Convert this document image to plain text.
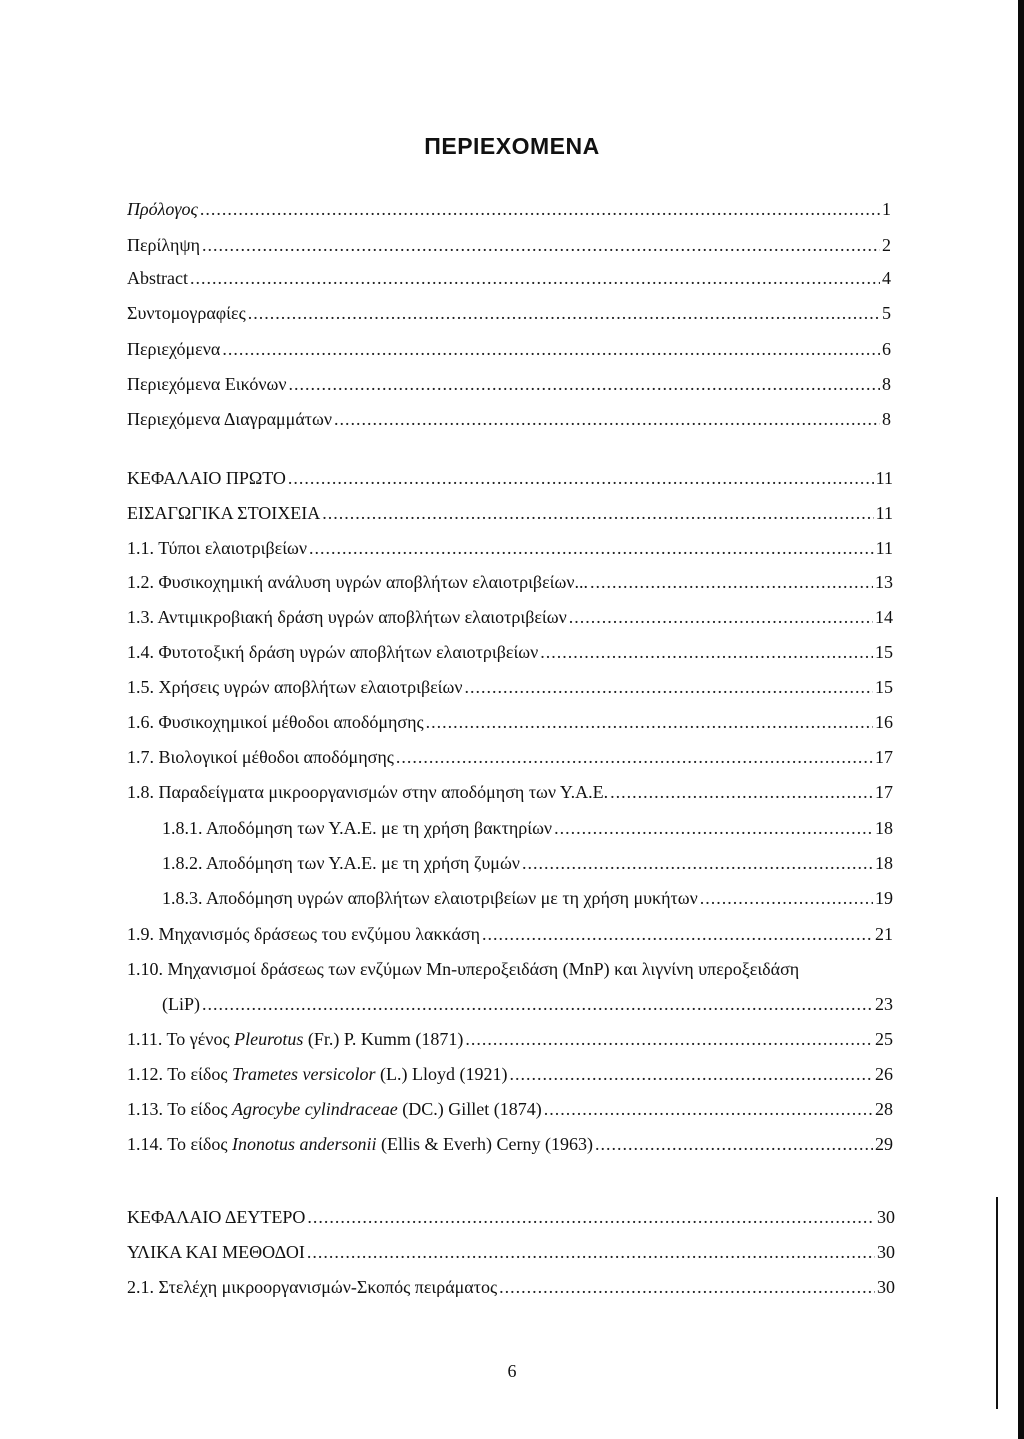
ΠΕΡΙΕΧΟΜΕΝΑ
Πρόλογος .....	1
Περίληψη .....	2
Abstract .....	4
Συντομογραφίες .....	5
Περιεχόμενα .....	6
Περιεχόμενα Εικόνων .....	8
Περιεχόμενα Διαγραμμάτων .....	8
ΚΕΦΑΛΑΙΟ ΠΡΩΤΟ .....	11
ΕΙΣΑΓΩΓΙΚΑ ΣΤΟΙΧΕΙΑ .....	11
1.1. Τύποι ελαιοτριβείων .....	11
1.2. Φυσικοχημική ανάλυση υγρών αποβλήτων ελαιοτριβείων... .....	13
1.3. Αντιμικροβιακή δράση υγρών αποβλήτων ελαιοτριβείων .....	14
1.4. Φυτοτοξική δράση υγρών αποβλήτων ελαιοτριβείων .....	15
1.5. Χρήσεις υγρών αποβλήτων ελαιοτριβείων .....	15
1.6. Φυσικοχημικοί μέθοδοι αποδόμησης .....	16
1.7. Βιολογικοί μέθοδοι αποδόμησης .....	17
1.8. Παραδείγματα μικροοργανισμών στην αποδόμηση των Υ.Α.Ε. .....	17
1.8.1. Αποδόμηση των Υ.Α.Ε. με τη χρήση βακτηρίων .....	18
1.8.2. Αποδόμηση των Υ.Α.Ε. με τη χρήση ζυμών .....	18
1.8.3. Αποδόμηση υγρών αποβλήτων ελαιοτριβείων με τη χρήση μυκήτων .....	19
1.9. Μηχανισμός δράσεως του ενζύμου λακκάση .....	21
1.10. Μηχανισμοί δράσεως των ενζύμων Mn-υπεροξειδάση (MnP) και λιγνίνη υπεροξειδάση
(LiP) .....	23
1.11. Το γένος Pleurotus (Fr.) P. Kumm (1871) .....	25
1.12. Το είδος Trametes versicolor (L.) Lloyd (1921) .....	26
1.13. Το είδος Agrocybe cylindraceae (DC.) Gillet (1874) .....	28
1.14. Το είδος Inonotus andersonii (Ellis & Everh) Cerny (1963) .....	29
ΚΕΦΑΛΑΙΟ ΔΕΥΤΕΡΟ .....	30
ΥΛΙΚΑ ΚΑΙ ΜΕΘΟΔΟΙ .....	30
2.1. Στελέχη μικροοργανισμών-Σκοπός πειράματος .....	30
6
